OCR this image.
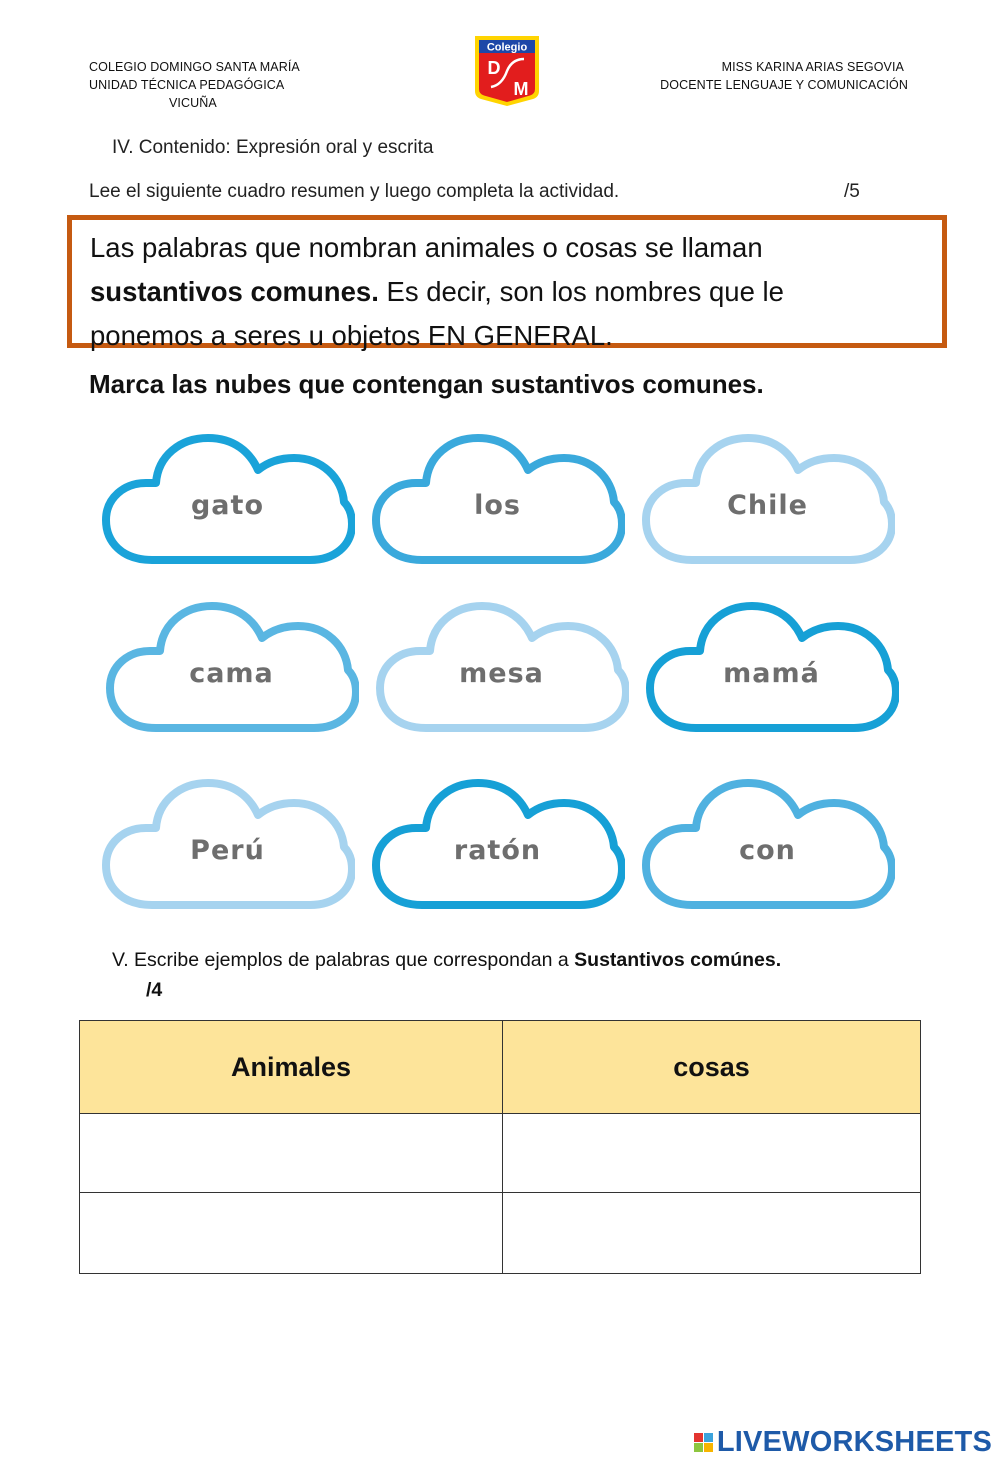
COLEGIO DOMINGO SANTA MARÍA
UNIDAD TÉCNICA PEDAGÓGICA
VICUÑA
Colegio
D
M
MISS KARINA ARIAS SEGOVIA
DOCENTE LENGUAJE Y COMUNICACIÓN
IV. Contenido: Expresión oral y escrita
Lee el siguiente cuadro resumen y luego completa la actividad.	/5
Las palabras que nombran animales o cosas se llaman
sustantivos comunes. Es decir, son los nombres que le
ponemos a seres u objetos EN GENERAL.
Marca las nubes que contengan sustantivos comunes.
gato	los	Chile
cama	mesa	mamá
Perú	ratón	con
V. Escribe ejemplos de palabras que correspondan a Sustantivos comúnes.
/4
Animales	cosas

LIVEWORKSHEETS
